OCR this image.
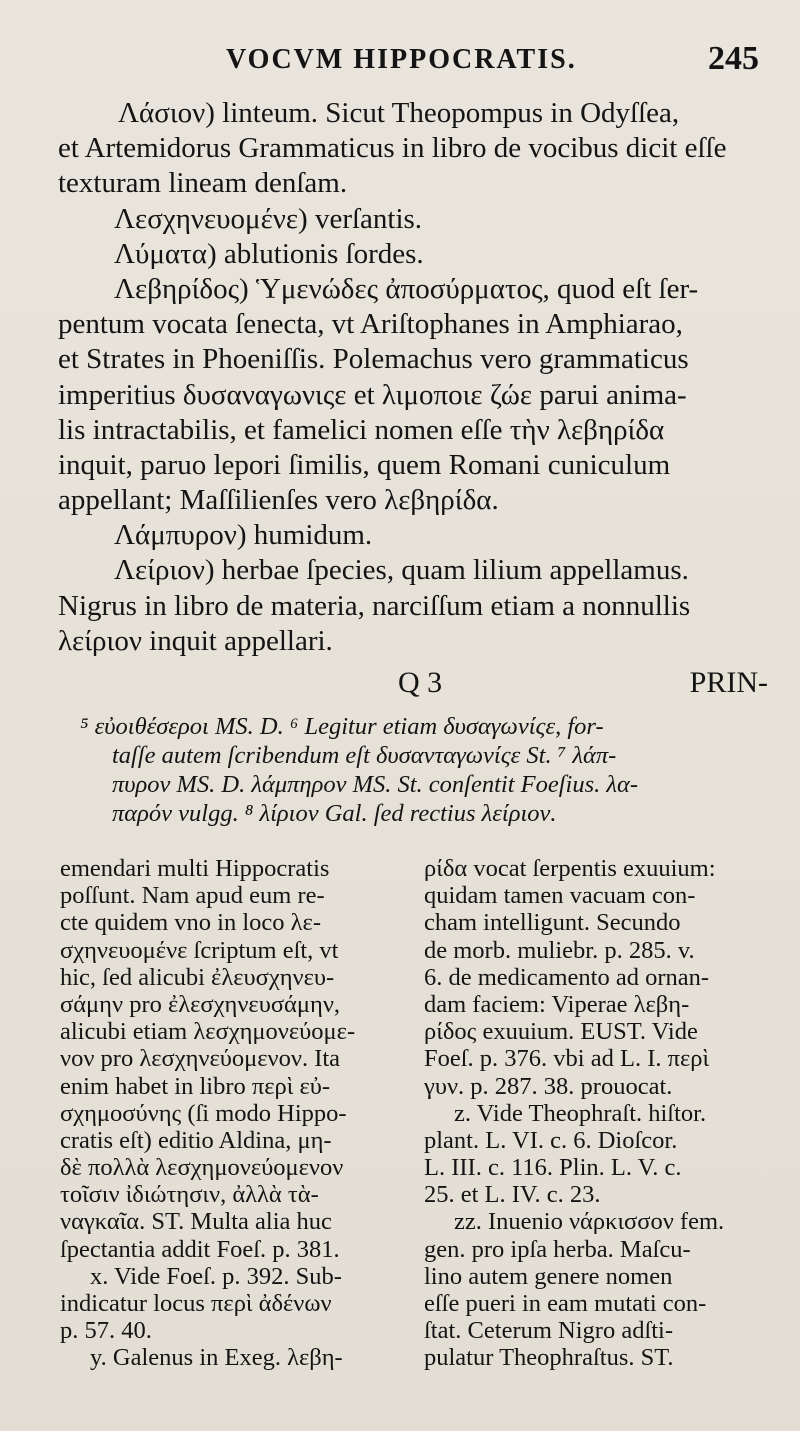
VOCVM HIPPOCRATIS.	245
Λάσιον) linteum. Sicut Theopompus in Odyſſea,
et Artemidorus Grammaticus in libro de vocibus dicit eſſe
texturam lineam denſam.
Λεσχηνευομένε) verſantis.
Λύματα) ablutionis ſordes.
Λεβηρίδος) Ὑμενώδες ἀποσύρματος, quod eſt ſer-
pentum vocata ſenecta, vt Ariſtophanes in Amphiarao,
et Strates in Phoeniſſis. Polemachus vero grammaticus
imperitius δυσαναγωνιςε et λιμοποιε ζώε parui anima-
lis intractabilis, et famelici nomen eſſe τὴν λεβηρίδα
inquit, paruo lepori ſimilis, quem Romani cuniculum
appellant; Maſſilienſes vero λεβηρίδα.
Λάμπυρον) humidum.
Λείριον) herbae ſpecies, quam lilium appellamus.
Nigrus in libro de materia, narciſſum etiam a nonnullis
λείριον inquit appellari.
Q 3	PRIN-
⁵ εὐοιθέσεροι MS. D. ⁶ Legitur etiam δυσαγωνίςε, for-
taſſe autem ſcribendum eſt δυσανταγωνίςε St. ⁷ λάπ-
πυρον MS. D. λάμπηρον MS. St. conſentit Foeſius. λα-
παρόν vulgg. ⁸ λίριον Gal. ſed rectius λείριον.
emendari multi Hippocratis
poſſunt. Nam apud eum re-
cte quidem vno in loco λε-
σχηνευομένε ſcriptum eſt, vt
hic, ſed alicubi ἐλευσχηνευ-
σάμην pro ἐλεσχηνευσάμην,
alicubi etiam λεσχημονεύομε-
νον pro λεσχηνεύομενον. Ita
enim habet in libro περὶ εὐ-
σχημοσύνης (ſi modo Hippo-
cratis eſt) editio Aldina, μη-
δὲ πολλὰ λεσχημονεύομενον
τοῖσιν ἰδιώτησιν, ἀλλὰ τὰ-
ναγκαῖα. ST. Multa alia huc
ſpectantia addit Foeſ. p. 381.
x. Vide Foeſ. p. 392. Sub-
indicatur locus περὶ ἀδένων
p. 57. 40.
y. Galenus in Exeg. λεβη-
ρίδα vocat ſerpentis exuuium:
quidam tamen vacuam con-
cham intelligunt. Secundo
de morb. muliebr. p. 285. v.
6. de medicamento ad ornan-
dam faciem: Viperae λεβη-
ρίδος exuuium. EUST. Vide
Foeſ. p. 376. vbi ad L. I. περὶ
γυν. p. 287. 38. prouocat.
z. Vide Theophraſt. hiſtor.
plant. L. VI. c. 6. Dioſcor.
L. III. c. 116. Plin. L. V. c.
25. et L. IV. c. 23.
zz. Inuenio νάρκισσον fem.
gen. pro ipſa herba. Maſcu-
lino autem genere nomen
eſſe pueri in eam mutati con-
ſtat. Ceterum Nigro adſti-
pulatur Theophraſtus. ST.
